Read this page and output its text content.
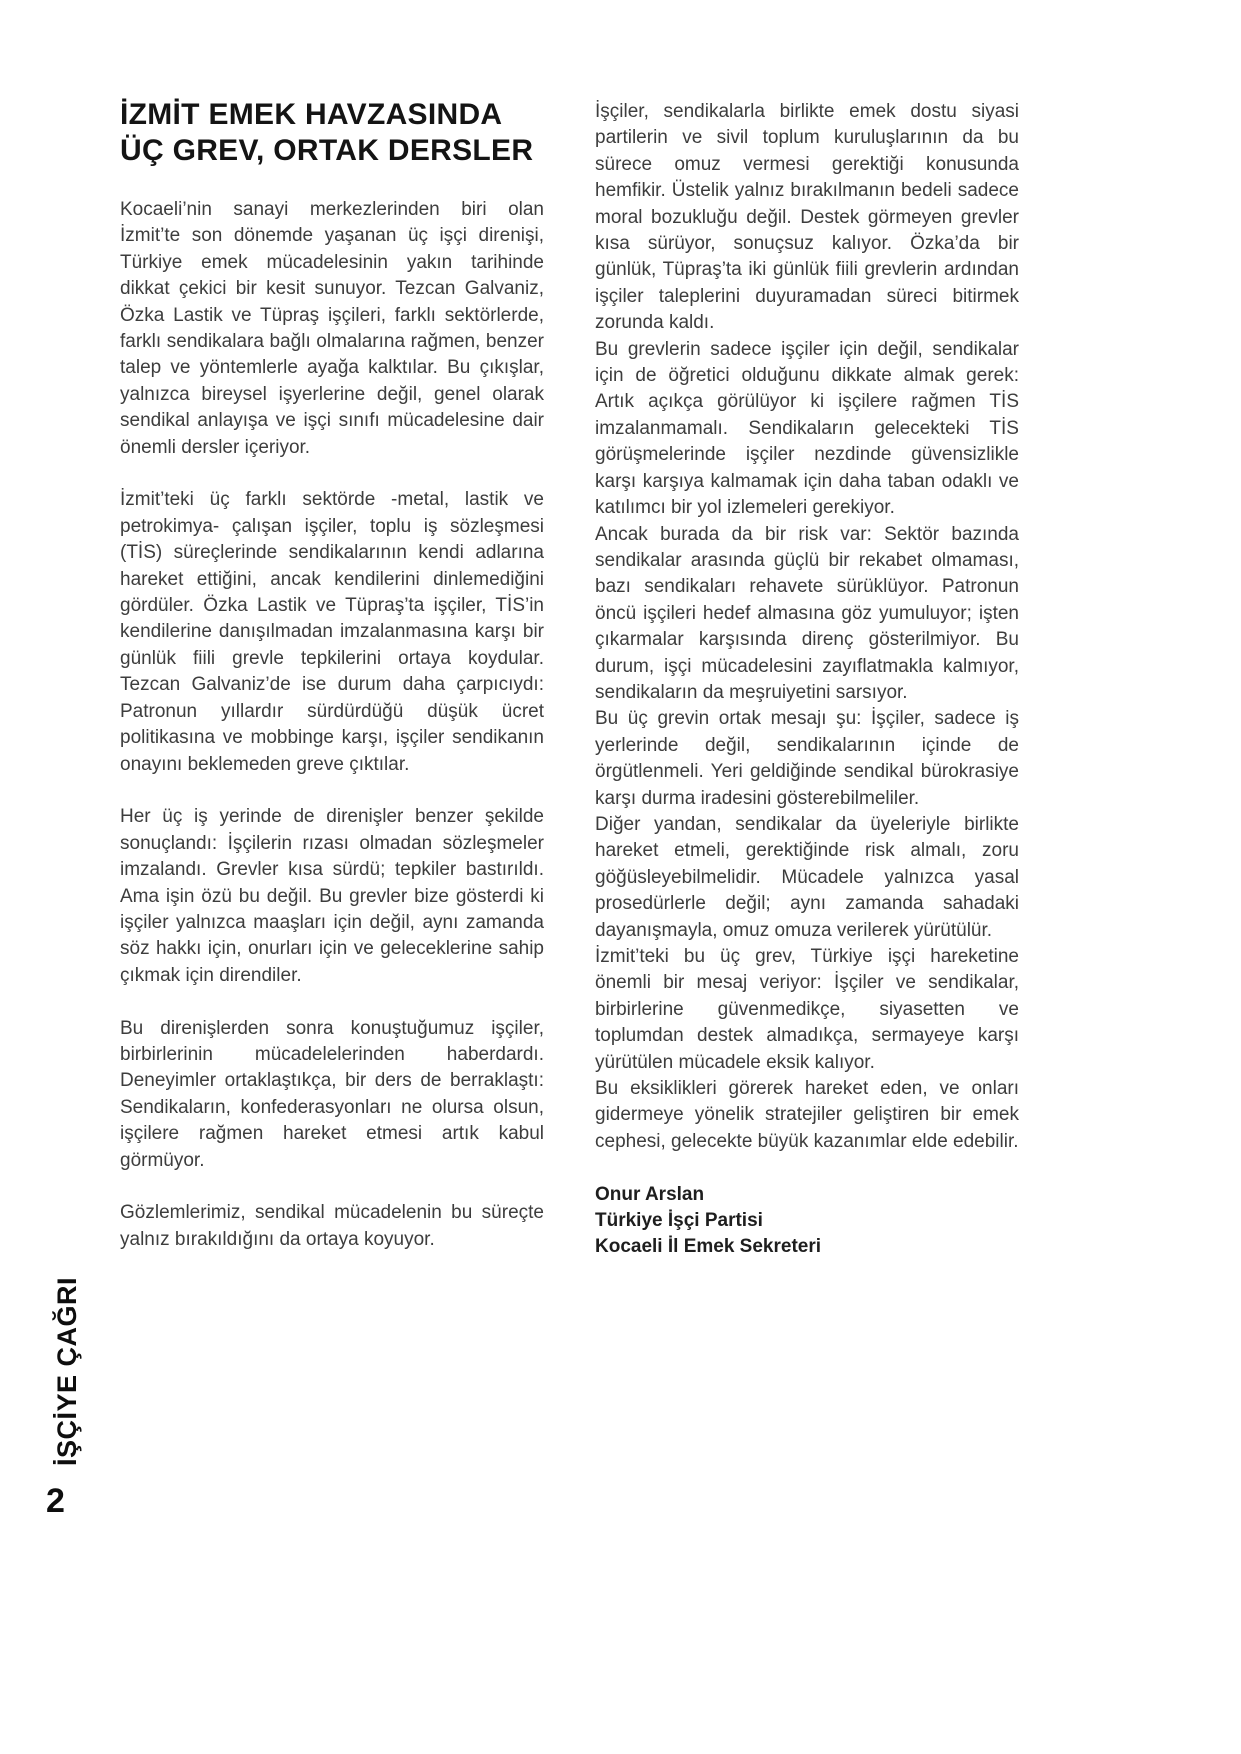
İZMİT EMEK HAVZASINDA
ÜÇ GREV, ORTAK DERSLER

Kocaeli’nin sanayi merkezlerinden biri olan İzmit’te son dönemde yaşanan üç işçi direnişi, Türkiye emek mücadelesinin yakın tarihinde dikkat çekici bir kesit sunuyor. Tezcan Galvaniz, Özka Lastik ve Tüpraş işçileri, farklı sektörlerde, farklı sendikalara bağlı olmalarına rağmen, benzer talep ve yöntemlerle ayağa kalktılar. Bu çıkışlar, yalnızca bireysel işyerlerine değil, genel olarak sendikal anlayışa ve işçi sınıfı mücadelesine dair önemli dersler içeriyor.

İzmit’teki üç farklı sektörde -metal, lastik ve petrokimya- çalışan işçiler, toplu iş sözleşmesi (TİS) süreçlerinde sendikalarının kendi adlarına hareket ettiğini, ancak kendilerini dinlemediğini gördüler. Özka Lastik ve Tüpraş’ta işçiler, TİS’in kendilerine danışılmadan imzalanmasına karşı bir günlük fiili grevle tepkilerini ortaya koydular. Tezcan Galvaniz’de ise durum daha çarpıcıydı: Patronun yıllardır sürdürdüğü düşük ücret politikasına ve mobbinge karşı, işçiler sendikanın onayını beklemeden greve çıktılar.

Her üç iş yerinde de direnişler benzer şekilde sonuçlandı: İşçilerin rızası olmadan sözleşmeler imzalandı. Grevler kısa sürdü; tepkiler bastırıldı. Ama işin özü bu değil. Bu grevler bize gösterdi ki işçiler yalnızca maaşları için değil, aynı zamanda söz hakkı için, onurları için ve geleceklerine sahip çıkmak için direndiler.

Bu direnişlerden sonra konuştuğumuz işçiler, birbirlerinin mücadelelerinden haberdardı. Deneyimler ortaklaştıkça, bir ders de berraklaştı: Sendikaların, konfederasyonları ne olursa olsun, işçilere rağmen hareket etmesi artık kabul görmüyor.

Gözlemlerimiz, sendikal mücadelenin bu süreçte yalnız bırakıldığını da ortaya koyuyor.

İşçiler, sendikalarla birlikte emek dostu siyasi partilerin ve sivil toplum kuruluşlarının da bu sürece omuz vermesi gerektiği konusunda hemfikir. Üstelik yalnız bırakılmanın bedeli sadece moral bozukluğu değil. Destek görmeyen grevler kısa sürüyor, sonuçsuz kalıyor. Özka’da bir günlük, Tüpraş’ta iki günlük fiili grevlerin ardından işçiler taleplerini duyuramadan süreci bitirmek zorunda kaldı.

Bu grevlerin sadece işçiler için değil, sendikalar için de öğretici olduğunu dikkate almak gerek: Artık açıkça görülüyor ki işçilere rağmen TİS imzalanmamalı. Sendikaların gelecekteki TİS görüşmelerinde işçiler nezdinde güvensizlikle karşı karşıya kalmamak için daha taban odaklı ve katılımcı bir yol izlemeleri gerekiyor.

Ancak burada da bir risk var: Sektör bazında sendikalar arasında güçlü bir rekabet olmaması, bazı sendikaları rehavete sürüklüyor. Patronun öncü işçileri hedef almasına göz yumuluyor; işten çıkarmalar karşısında direnç gösterilmiyor. Bu durum, işçi mücadelesini zayıflatmakla kalmıyor, sendikaların da meşruiyetini sarsıyor.

Bu üç grevin ortak mesajı şu: İşçiler, sadece iş yerlerinde değil, sendikalarının içinde de örgütlenmeli. Yeri geldiğinde sendikal bürokrasiye karşı durma iradesini gösterebilmeliler.

Diğer yandan, sendikalar da üyeleriyle birlikte hareket etmeli, gerektiğinde risk almalı, zoru göğüsleyebilmelidir. Mücadele yalnızca yasal prosedürlerle değil; aynı zamanda sahadaki dayanışmayla, omuz omuza verilerek yürütülür.

İzmit’teki bu üç grev, Türkiye işçi hareketine önemli bir mesaj veriyor: İşçiler ve sendikalar, birbirlerine güvenmedikçe, siyasetten ve toplumdan destek almadıkça, sermayeye karşı yürütülen mücadele eksik kalıyor.

Bu eksiklikleri görerek hareket eden, ve onları gidermeye yönelik stratejiler geliştiren bir emek cephesi, gelecekte büyük kazanımlar elde edebilir.

Onur Arslan
Türkiye İşçi Partisi
Kocaeli İl Emek Sekreteri
İŞÇİYE ÇAĞRI
2
